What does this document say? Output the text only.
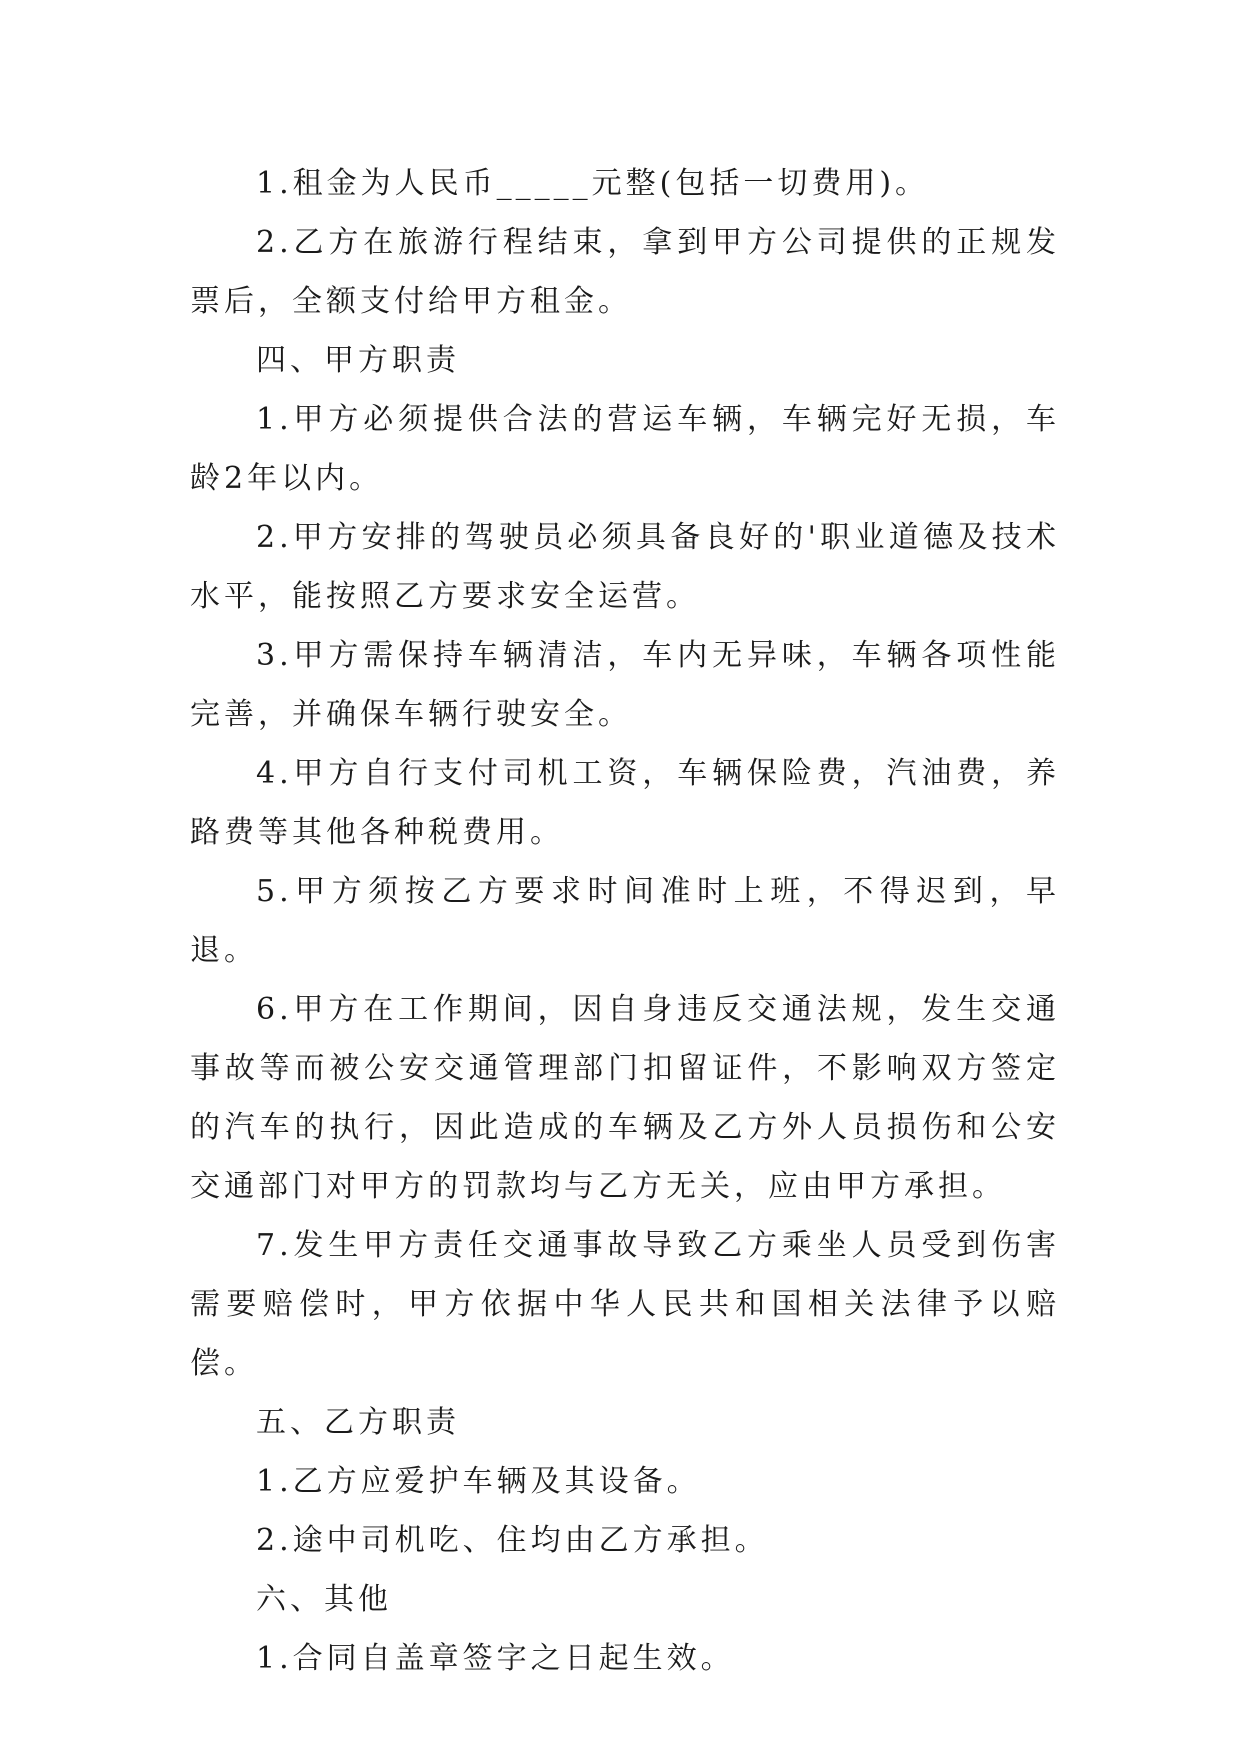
1.租金为人民币_____元整(包括一切费用)。

2.乙方在旅游行程结束，拿到甲方公司提供的正规发票后，全额支付给甲方租金。

四、甲方职责

1.甲方必须提供合法的营运车辆，车辆完好无损，车龄2年以内。

2.甲方安排的驾驶员必须具备良好的'职业道德及技术水平，能按照乙方要求安全运营。

3.甲方需保持车辆清洁，车内无异味，车辆各项性能完善，并确保车辆行驶安全。

4.甲方自行支付司机工资，车辆保险费，汽油费，养路费等其他各种税费用。

5.甲方须按乙方要求时间准时上班，不得迟到，早退。

6.甲方在工作期间，因自身违反交通法规，发生交通事故等而被公安交通管理部门扣留证件，不影响双方签定的汽车的执行，因此造成的车辆及乙方外人员损伤和公安交通部门对甲方的罚款均与乙方无关，应由甲方承担。

7.发生甲方责任交通事故导致乙方乘坐人员受到伤害需要赔偿时，甲方依据中华人民共和国相关法律予以赔偿。

五、乙方职责

1.乙方应爱护车辆及其设备。

2.途中司机吃、住均由乙方承担。

六、其他

1.合同自盖章签字之日起生效。
